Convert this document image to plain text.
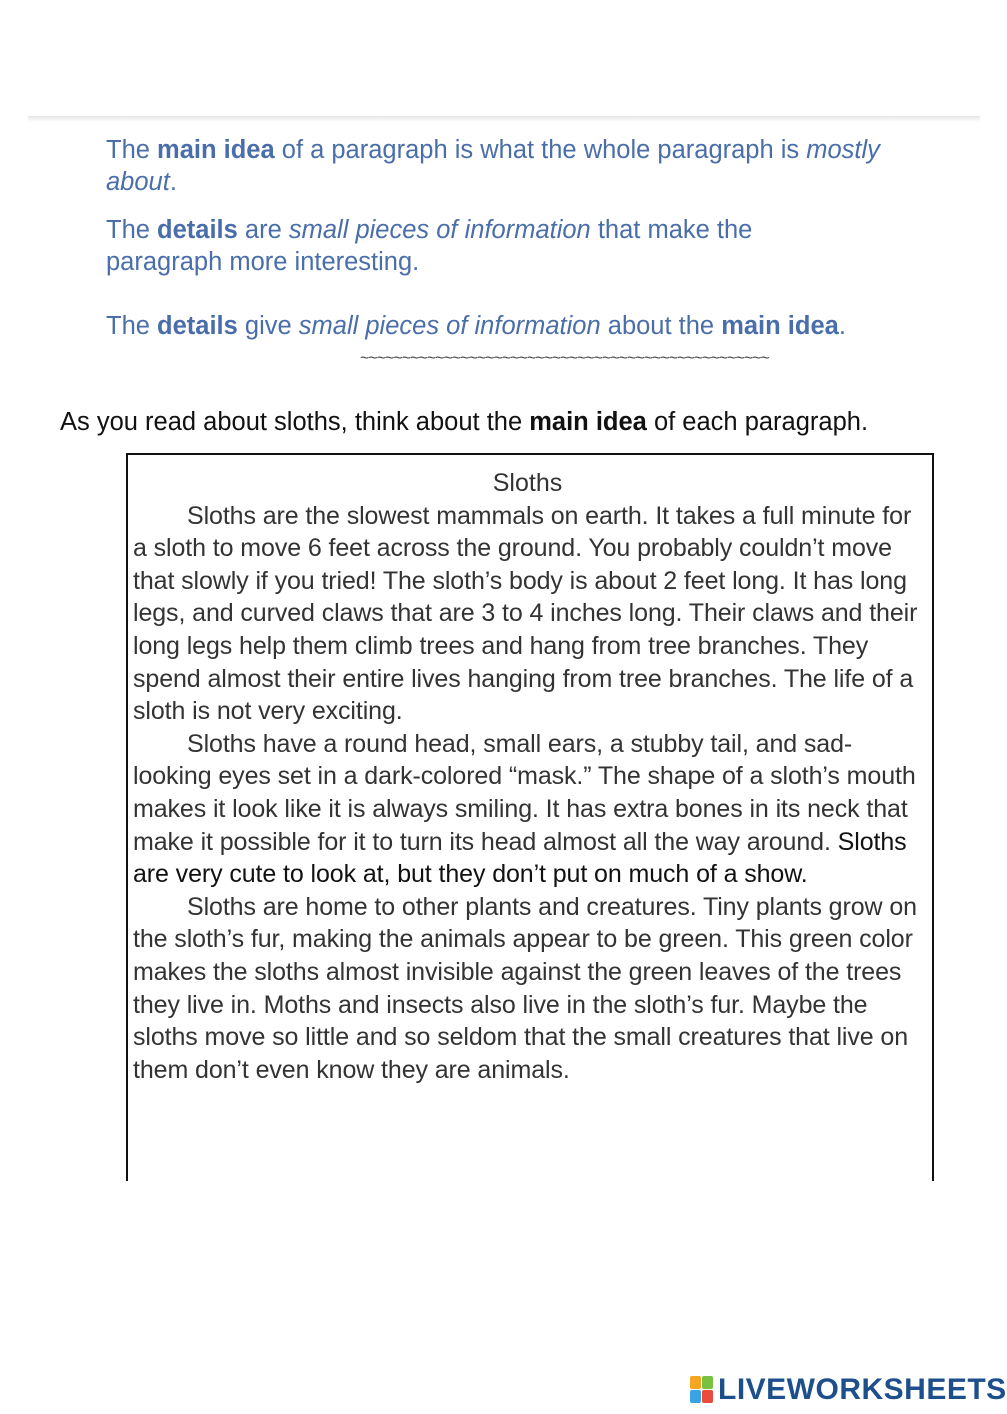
The main idea of a paragraph is what the whole paragraph is mostly about.

The details are small pieces of information that make the paragraph more interesting.

The details give small pieces of information about the main idea.

~~~~~~~~~~~~~~~~~~~~~~~~~~~~~~~~~~~~~~~~~~~~~~~~~
As you read about sloths, think about the main idea of each paragraph.

Sloths

Sloths are the slowest mammals on earth. It takes a full minute for a sloth to move 6 feet across the ground. You probably couldn’t move that slowly if you tried! The sloth’s body is about 2 feet long. It has long legs, and curved claws that are 3 to 4 inches long. Their claws and their long legs help them climb trees and hang from tree branches. They spend almost their entire lives hanging from tree branches. The life of a sloth is not very exciting.

Sloths have a round head, small ears, a stubby tail, and sad-looking eyes set in a dark-colored “mask.” The shape of a sloth’s mouth makes it look like it is always smiling. It has extra bones in its neck that make it possible for it to turn its head almost all the way around. Sloths are very cute to look at, but they don’t put on much of a show.

Sloths are home to other plants and creatures. Tiny plants grow on the sloth’s fur, making the animals appear to be green. This green color makes the sloths almost invisible against the green leaves of the trees they live in. Moths and insects also live in the sloth’s fur. Maybe the sloths move so little and so seldom that the small creatures that live on them don’t even know they are animals.

LIVEWORKSHEETS
